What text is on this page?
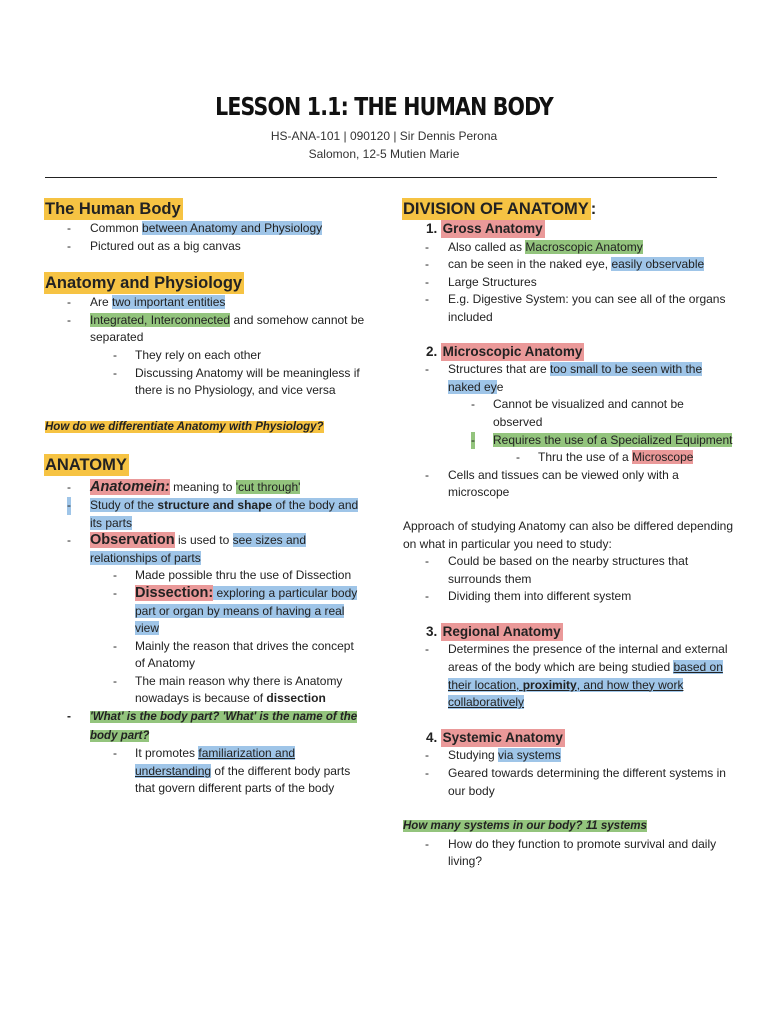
LESSON 1.1: THE HUMAN BODY
HS-ANA-101 | 090120 | Sir Dennis Perona
Salomon, 12-5 Mutien Marie
The Human Body
- Common between Anatomy and Physiology
- Pictured out as a big canvas
Anatomy and Physiology
- Are two important entities
- Integrated, Interconnected and somehow cannot be separated
- They rely on each other
- Discussing Anatomy will be meaningless if there is no Physiology, and vice versa
How do we differentiate Anatomy with Physiology?
ANATOMY
- Anatomein: meaning to 'cut through'
- Study of the structure and shape of the body and its parts
- Observation is used to see sizes and relationships of parts
- Made possible thru the use of Dissection
- Dissection: exploring a particular body part or organ by means of having a real view
- Mainly the reason that drives the concept of Anatomy
- The main reason why there is Anatomy nowadays is because of dissection
- 'What' is the body part? 'What' is the name of the body part?
- It promotes familiarization and understanding of the different body parts that govern different parts of the body
DIVISION OF ANATOMY :
1. Gross Anatomy
- Also called as Macroscopic Anatomy
- can be seen in the naked eye, easily observable
- Large Structures
- E.g. Digestive System: you can see all of the organs included
2. Microscopic Anatomy
- Structures that are too small to be seen with the naked eye
- Cannot be visualized and cannot be observed
- Requires the use of a Specialized Equipment
- Thru the use of a Microscope
- Cells and tissues can be viewed only with a microscope
Approach of studying Anatomy can also be differed depending on what in particular you need to study:
- Could be based on the nearby structures that surrounds them
- Dividing them into different system
3. Regional Anatomy
- Determines the presence of the internal and external areas of the body which are being studied based on their location, proximity, and how they work collaboratively
4. Systemic Anatomy
- Studying via systems
- Geared towards determining the different systems in our body
How many systems in our body? 11 systems
- How do they function to promote survival and daily living?
